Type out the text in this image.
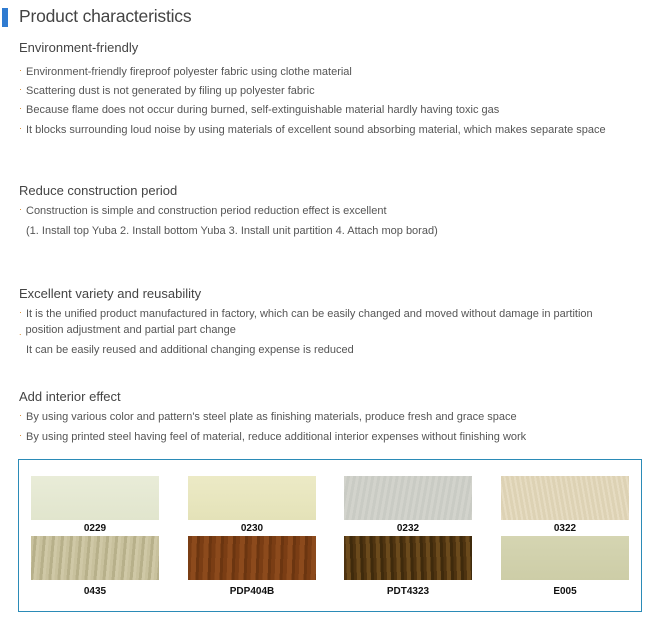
Product characteristics
Environment-friendly
· Environment-friendly fireproof polyester fabric using clothe material
· Scattering dust is not generated by filing up polyester fabric
· Because flame does not occur during burned, self-extinguishable material hardly having toxic gas
· It blocks surrounding loud noise by using materials of excellent sound absorbing material, which makes separate space
Reduce construction period
· Construction is simple and construction period reduction effect is excellent
(1. Install top Yuba 2. Install bottom Yuba 3. Install unit partition 4. Attach mop borad)
Excellent variety and reusability
· It is the unified product manufactured in factory, which can be easily changed and moved without damage in partition
. position adjustment and partial part change
It can be easily reused and additional changing expense is reduced
Add interior effect
· By using various color and pattern's steel plate as finishing materials, produce fresh and grace space
· By using printed steel having feel of material, reduce additional interior expenses without finishing work
0229	0230	0232	0322
0435	PDP404B	PDT4323	E005
